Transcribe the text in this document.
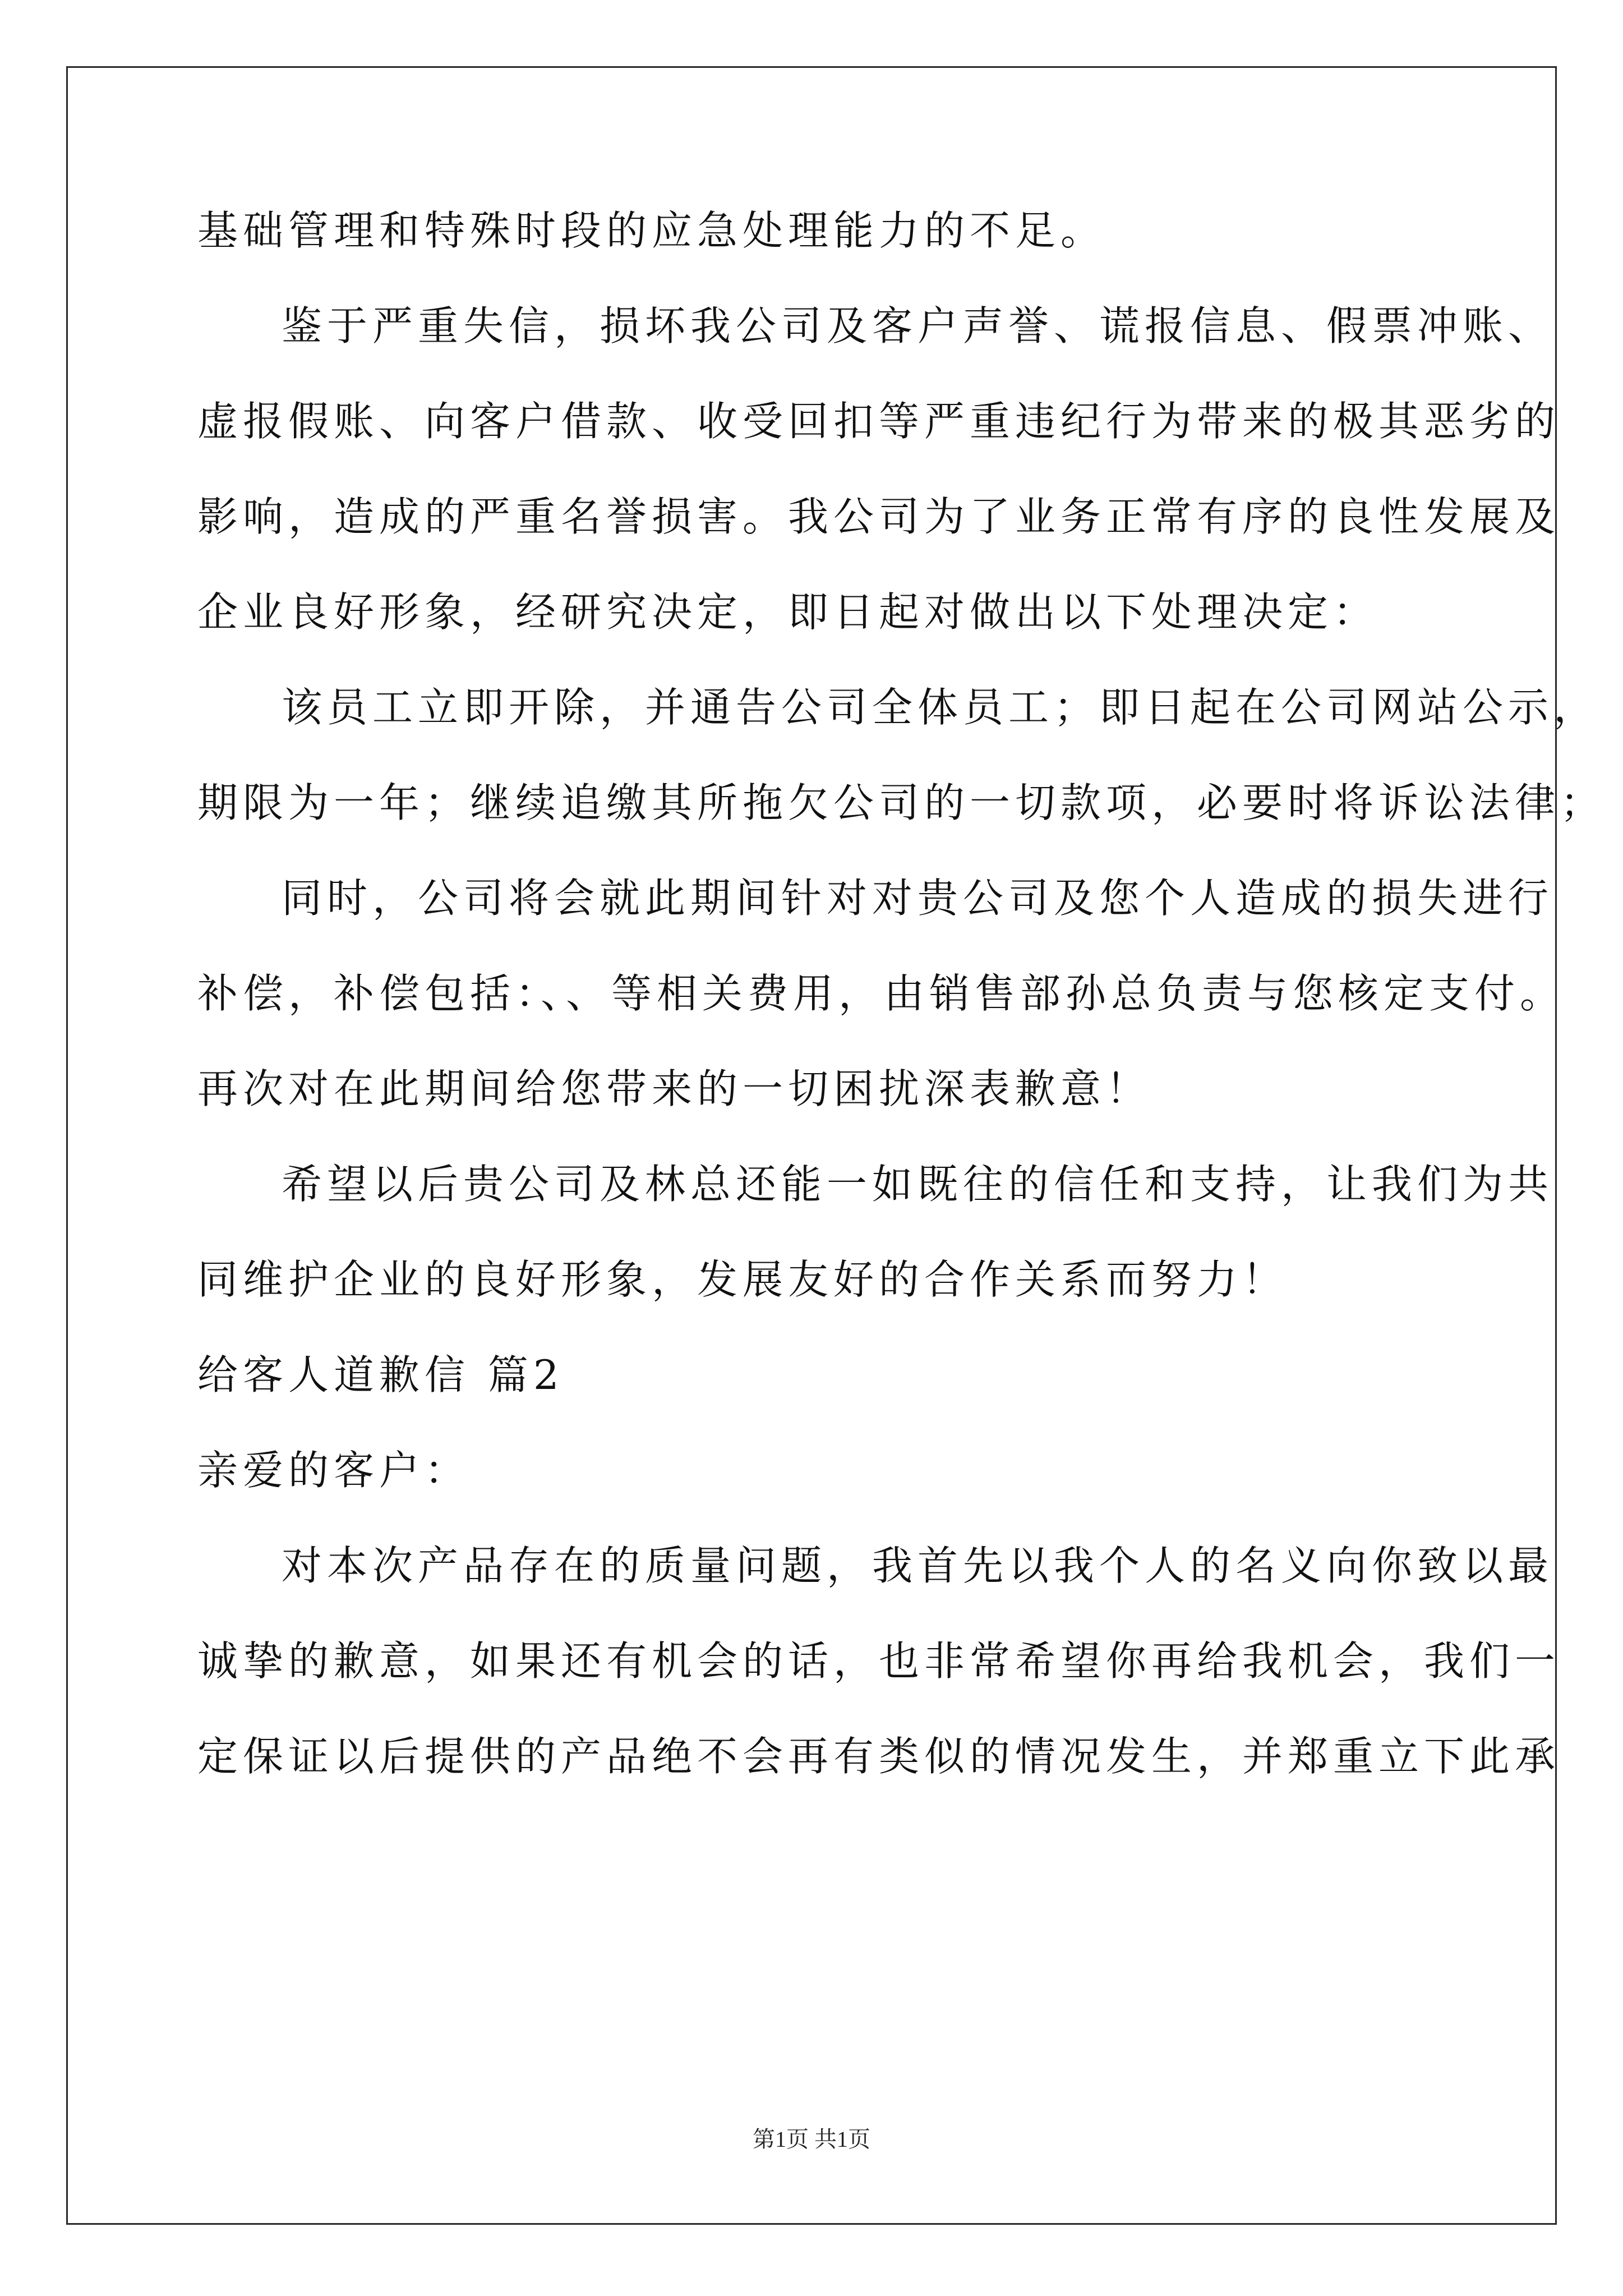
基础管理和特殊时段的应急处理能力的不足。
鉴于严重失信，损坏我公司及客户声誉、谎报信息、假票冲账、
虚报假账、向客户借款、收受回扣等严重违纪行为带来的极其恶劣的
影响，造成的严重名誉损害。我公司为了业务正常有序的良性发展及
企业良好形象，经研究决定，即日起对做出以下处理决定：
该员工立即开除，并通告公司全体员工；即日起在公司网站公示，
期限为一年；继续追缴其所拖欠公司的一切款项，必要时将诉讼法律；
同时，公司将会就此期间针对对贵公司及您个人造成的损失进行
补偿，补偿包括：、、等相关费用，由销售部孙总负责与您核定支付。
再次对在此期间给您带来的一切困扰深表歉意！
希望以后贵公司及林总还能一如既往的信任和支持，让我们为共
同维护企业的良好形象，发展友好的合作关系而努力！
给客人道歉信 篇2
亲爱的客户：
对本次产品存在的质量问题，我首先以我个人的名义向你致以最
诚挚的歉意，如果还有机会的话，也非常希望你再给我机会，我们一
定保证以后提供的产品绝不会再有类似的情况发生，并郑重立下此承
第1页 共1页
